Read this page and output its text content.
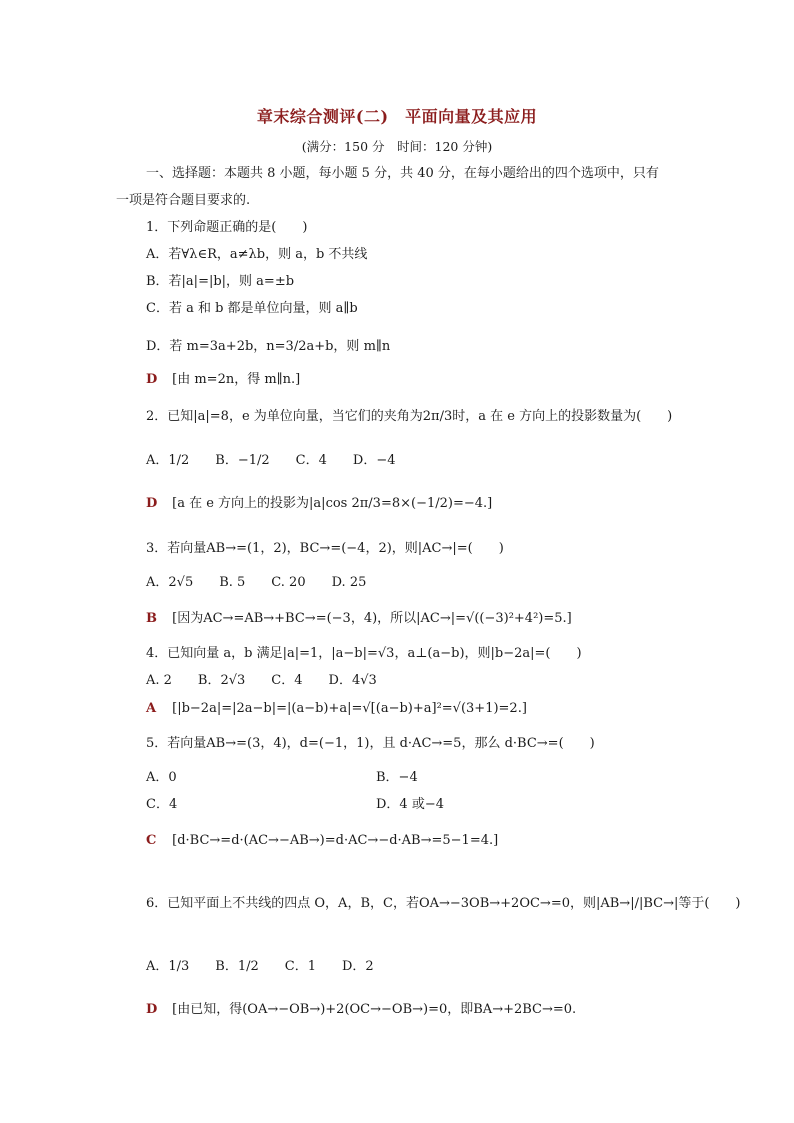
章末综合测评(二)　平面向量及其应用
(满分：150 分　时间：120 分钟)
一、选择题：本题共 8 小题，每小题 5 分，共 40 分，在每小题给出的四个选项中，只有
一项是符合题目要求的.
1．下列命题正确的是(　　)
A．若∀λ∈R，a≠λb，则 a，b 不共线
B．若|a|=|b|，则 a=±b
C．若 a 和 b 都是单位向量，则 a∥b
D．若 m=3a+2b，n=3/2a+b，则 m∥n
D [由 m=2n，得 m∥n.]
2．已知|a|=8，e 为单位向量，当它们的夹角为2π/3时，a 在 e 方向上的投影数量为(　　)
A．1/2　　B．−1/2　　C．4　　D．−4
D [a 在 e 方向上的投影为|a|cos 2π/3=8×(−1/2)=−4.]
3．若向量AB→=(1，2)，BC→=(−4，2)，则|AC→|=(　　)
A．2√5　　B. 5　　C. 20　　D. 25
B [因为AC→=AB→+BC→=(−3，4)，所以|AC→|=√((−3)²+4²)=5.]
4．已知向量 a，b 满足|a|=1，|a−b|=√3，a⊥(a−b)，则|b−2a|=(　　)
A. 2　　B．2√3　　C．4　　D．4√3
A [|b−2a|=|2a−b|=|(a−b)+a|=√[(a−b)+a]²=√(3+1)=2.]
5．若向量AB→=(3，4)，d=(−1，1)，且 d·AC→=5，那么 d·BC→=(　　)
A．0	B．−4
C．4	D．4 或−4
C [d·BC→=d·(AC→−AB→)=d·AC→−d·AB→=5−1=4.]
6．已知平面上不共线的四点 O，A，B，C，若OA→−3OB→+2OC→=0，则|AB→|/|BC→|等于(　　)
A．1/3　　B．1/2　　C．1　　D．2
D [由已知，得(OA→−OB→)+2(OC→−OB→)=0，即BA→+2BC→=0.
